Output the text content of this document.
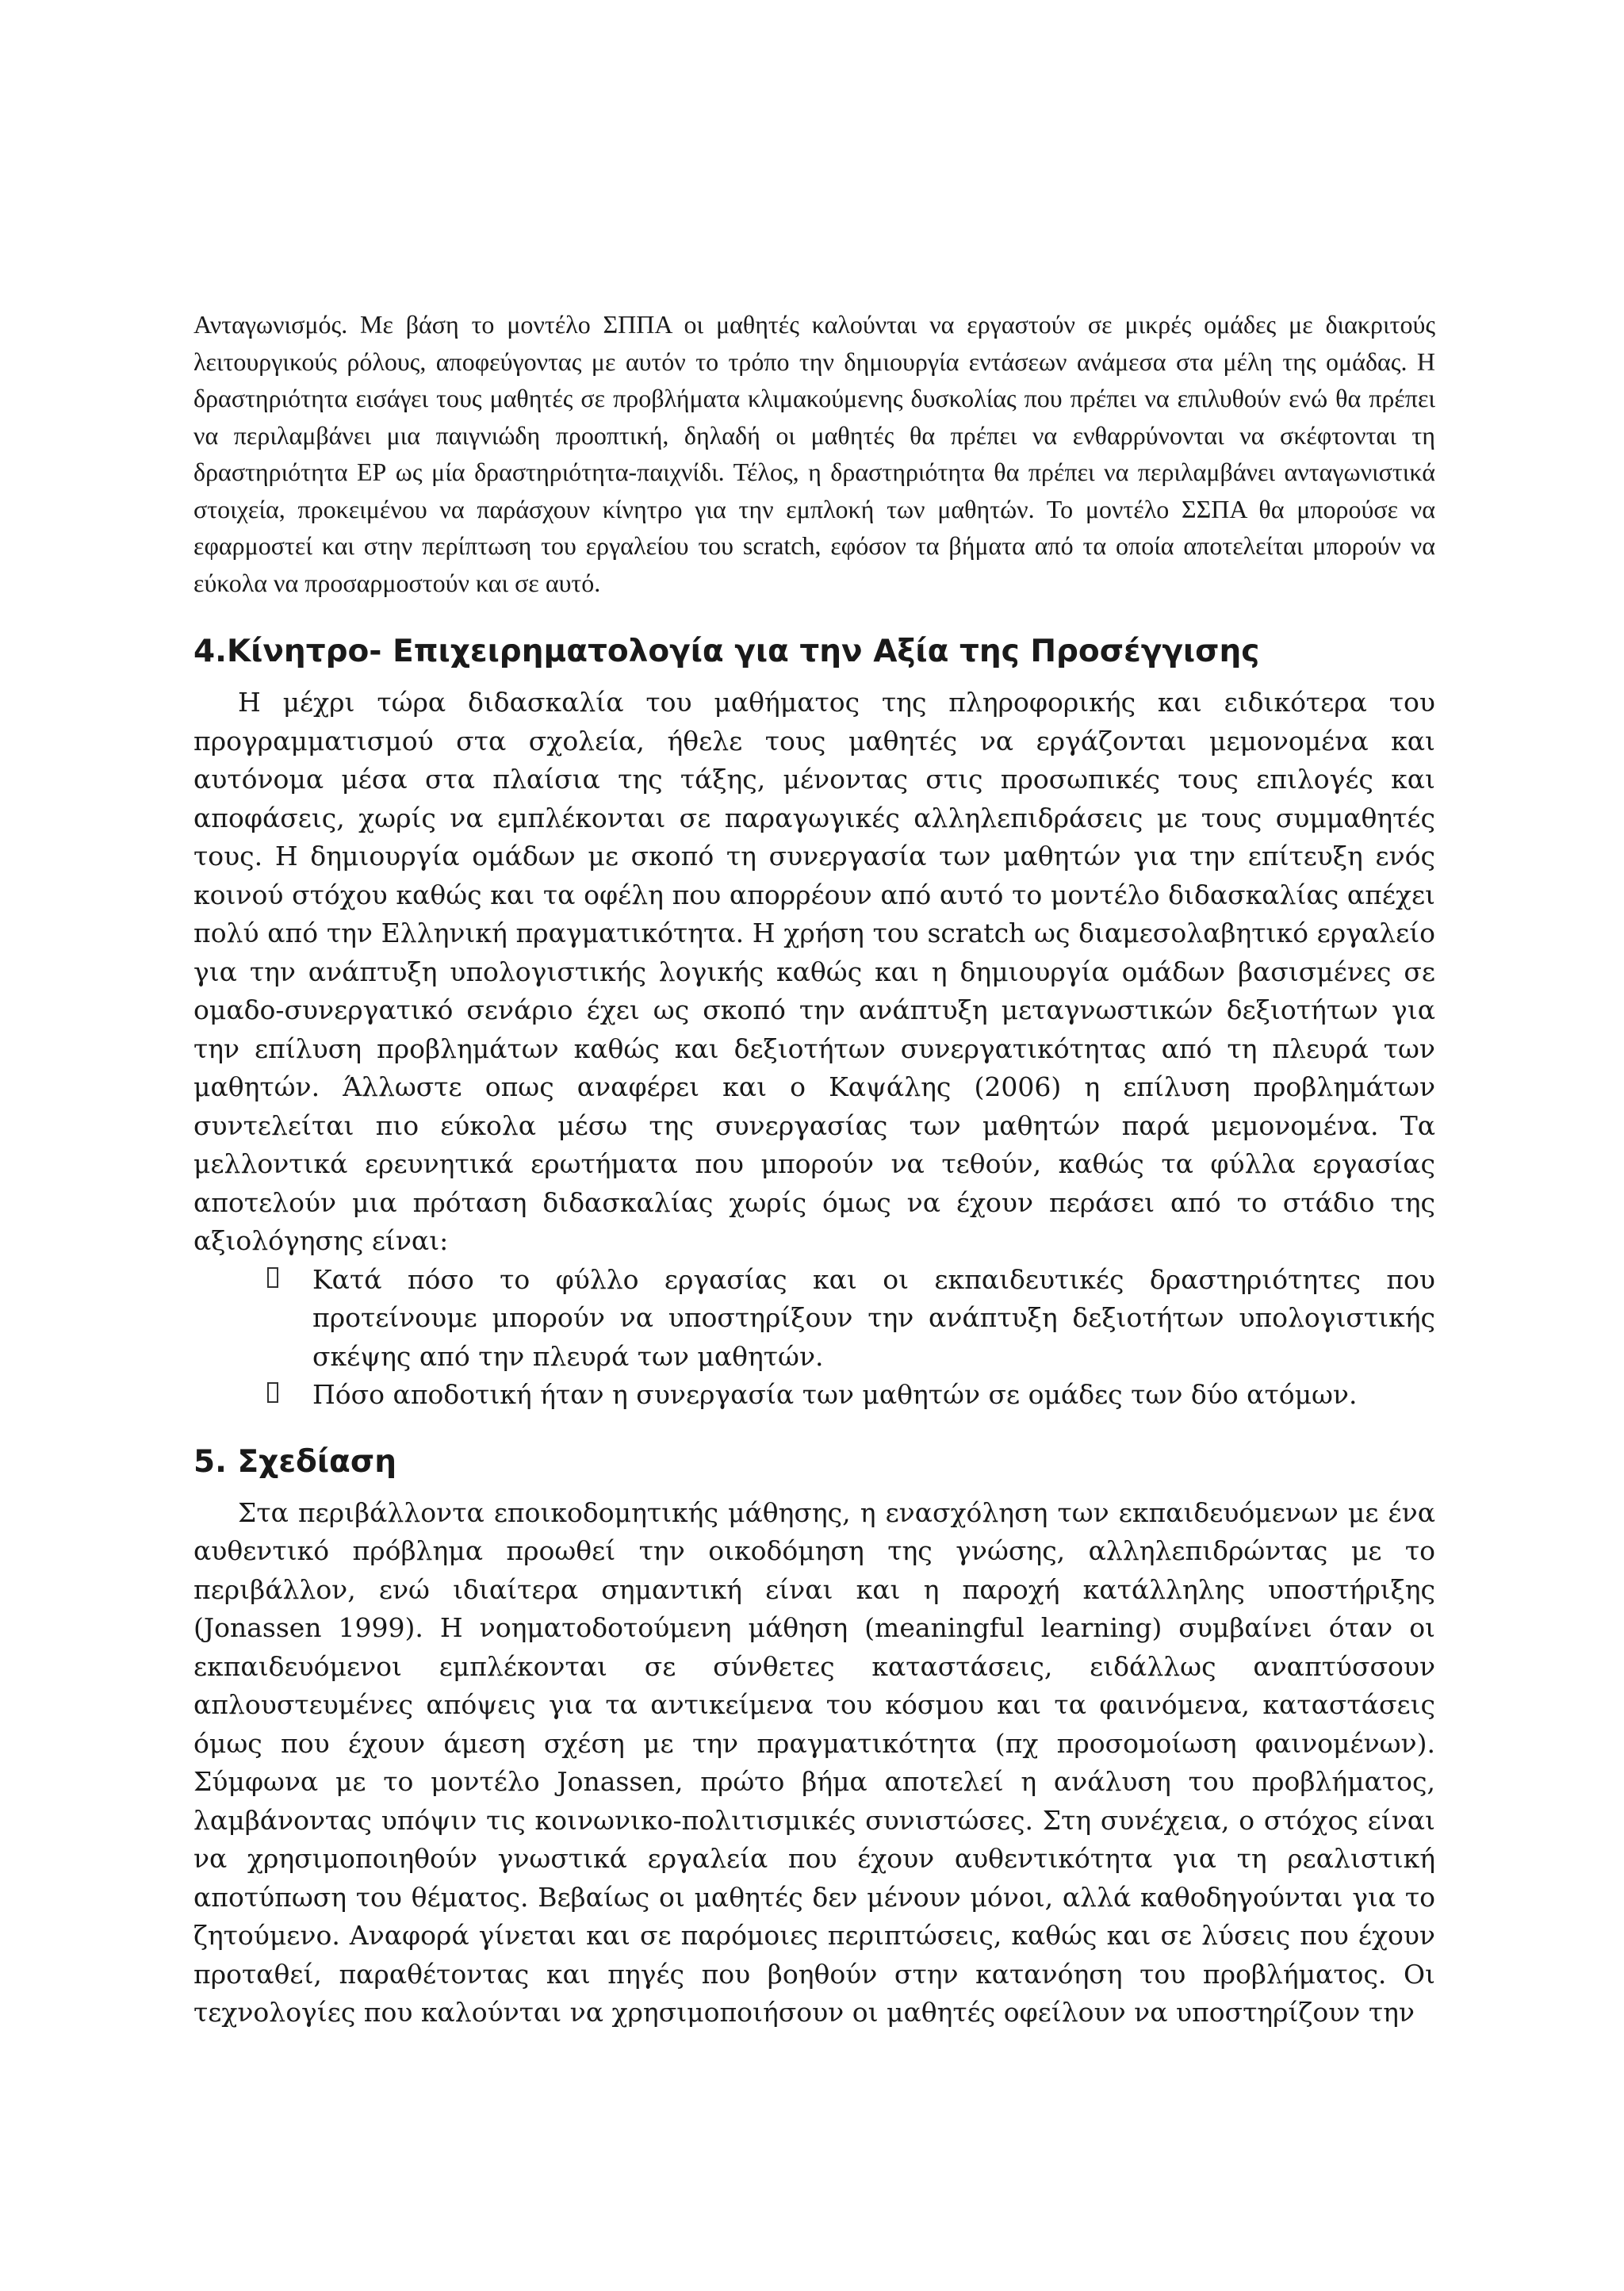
Ανταγωνισμός. Με βάση το μοντέλο ΣΠΠΑ οι μαθητές καλούνται να εργαστούν σε μικρές ομάδες με διακριτούς λειτουργικούς ρόλους, αποφεύγοντας με αυτόν το τρόπο την δημιουργία εντάσεων ανάμεσα στα μέλη της ομάδας. Η δραστηριότητα εισάγει τους μαθητές σε προβλήματα κλιμακούμενης δυσκολίας που πρέπει να επιλυθούν ενώ θα πρέπει να περιλαμβάνει μια παιγνιώδη προοπτική, δηλαδή οι μαθητές θα πρέπει να ενθαρρύνονται να σκέφτονται τη δραστηριότητα ΕΡ ως μία δραστηριότητα-παιχνίδι. Τέλος, η δραστηριότητα θα πρέπει να περιλαμβάνει ανταγωνιστικά στοιχεία, προκειμένου να παράσχουν κίνητρο για την εμπλοκή των μαθητών. Το μοντέλο ΣΣΠΑ θα μπορούσε να εφαρμοστεί και στην περίπτωση του εργαλείου του scratch, εφόσον τα βήματα από τα οποία αποτελείται μπορούν να εύκολα να προσαρμοστούν και σε αυτό.

4.Κίνητρο- Επιχειρηματολογία για την Αξία της Προσέγγισης

Η μέχρι τώρα διδασκαλία του μαθήματος της πληροφορικής και ειδικότερα του προγραμματισμού στα σχολεία, ήθελε τους μαθητές να εργάζονται μεμονομένα και αυτόνομα μέσα στα πλαίσια της τάξης, μένοντας στις προσωπικές τους επιλογές και αποφάσεις, χωρίς να εμπλέκονται σε παραγωγικές αλληλεπιδράσεις με τους συμμαθητές τους. Η δημιουργία ομάδων με σκοπό τη συνεργασία των μαθητών για την επίτευξη ενός κοινού στόχου καθώς και τα οφέλη που απορρέουν από αυτό το μοντέλο διδασκαλίας απέχει πολύ από την Ελληνική πραγματικότητα. Η χρήση του scratch ως διαμεσολαβητικό εργαλείο για την ανάπτυξη υπολογιστικής λογικής καθώς και η δημιουργία ομάδων βασισμένες σε ομαδο-συνεργατικό σενάριο έχει ως σκοπό την ανάπτυξη μεταγνωστικών δεξιοτήτων για την επίλυση προβλημάτων καθώς και δεξιοτήτων συνεργατικότητας από τη πλευρά των μαθητών. Άλλωστε οπως αναφέρει και ο Καψάλης (2006) η επίλυση προβλημάτων συντελείται πιο εύκολα μέσω της συνεργασίας των μαθητών παρά μεμονομένα. Τα μελλοντικά ερευνητικά ερωτήματα που μπορούν να τεθούν, καθώς τα φύλλα εργασίας αποτελούν μια πρόταση διδασκαλίας χωρίς όμως να έχουν περάσει από το στάδιο της αξιολόγησης είναι:

Κατά πόσο το φύλλο εργασίας και οι εκπαιδευτικές δραστηριότητες που προτείνουμε μπορούν να υποστηρίξουν την ανάπτυξη δεξιοτήτων υπολογιστικής σκέψης από την πλευρά των μαθητών.
Πόσο αποδοτική ήταν η συνεργασία των μαθητών σε ομάδες των δύο ατόμων.
5. Σχεδίαση

Στα περιβάλλοντα εποικοδομητικής μάθησης, η ενασχόληση των εκπαιδευόμενων με ένα αυθεντικό πρόβλημα προωθεί την οικοδόμηση της γνώσης, αλληλεπιδρώντας με το περιβάλλον, ενώ ιδιαίτερα σημαντική είναι και η παροχή κατάλληλης υποστήριξης (Jonassen 1999). Η νοηματοδοτούμενη μάθηση (meaningful learning) συμβαίνει όταν οι εκπαιδευόμενοι εμπλέκονται σε σύνθετες καταστάσεις, ειδάλλως αναπτύσσουν απλουστευμένες απόψεις για τα αντικείμενα του κόσμου και τα φαινόμενα, καταστάσεις όμως που έχουν άμεση σχέση με την πραγματικότητα (πχ προσομοίωση φαινομένων). Σύμφωνα με το μοντέλο Jonassen, πρώτο βήμα αποτελεί η ανάλυση του προβλήματος, λαμβάνοντας υπόψιν τις κοινωνικο-πολιτισμικές συνιστώσες. Στη συνέχεια, ο στόχος είναι να χρησιμοποιηθούν γνωστικά εργαλεία που έχουν αυθεντικότητα για τη ρεαλιστική αποτύπωση του θέματος. Βεβαίως οι μαθητές δεν μένουν μόνοι, αλλά καθοδηγούνται για το ζητούμενο. Αναφορά γίνεται και σε παρόμοιες περιπτώσεις, καθώς και σε λύσεις που έχουν προταθεί, παραθέτοντας και πηγές που βοηθούν στην κατανόηση του προβλήματος. Οι τεχνολογίες που καλούνται να χρησιμοποιήσουν οι μαθητές οφείλουν να υποστηρίζουν την
